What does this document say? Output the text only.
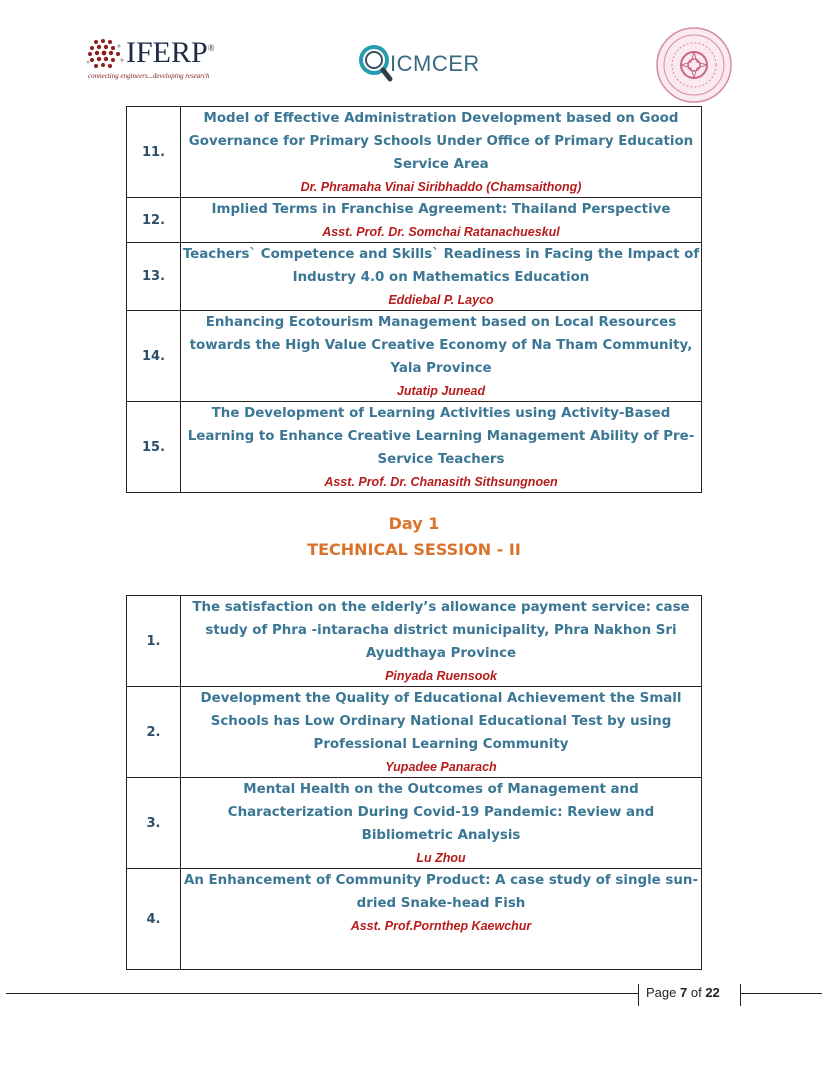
IFERP®
connecting engineers...developing research	ICMCER
11.	Model of Effective Administration Development based on Good Governance for Primary Schools Under Office of Primary Education Service Area
Dr. Phramaha Vinai Siribhaddo (Chamsaithong)

12.	Implied Terms in Franchise Agreement: Thailand Perspective
Asst. Prof. Dr. Somchai Ratanachueskul

13.	Teachers` Competence and Skills` Readiness in Facing the Impact of Industry 4.0 on Mathematics Education
Eddiebal P. Layco

14.	Enhancing Ecotourism Management based on Local Resources towards the High Value Creative Economy of Na Tham Community, Yala Province
Jutatip Junead

15.	The Development of Learning Activities using Activity-Based Learning to Enhance Creative Learning Management Ability of Pre-Service Teachers
Asst. Prof. Dr. Chanasith Sithsungnoen
Day 1
TECHNICAL SESSION - II
1.	The satisfaction on the elderly’s allowance payment service: case study of Phra -intaracha district municipality, Phra Nakhon Sri Ayudthaya Province
Pinyada Ruensook

2.	Development the Quality of Educational Achievement the Small Schools has Low Ordinary National Educational Test by using Professional Learning Community
Yupadee Panarach

3.	Mental Health on the Outcomes of Management and Characterization During Covid-19 Pandemic: Review and Bibliometric Analysis
Lu Zhou

4.	An Enhancement of Community Product: A case study of single sun-dried Snake-head Fish
Asst. Prof.Pornthep Kaewchur
Page 7 of 22
